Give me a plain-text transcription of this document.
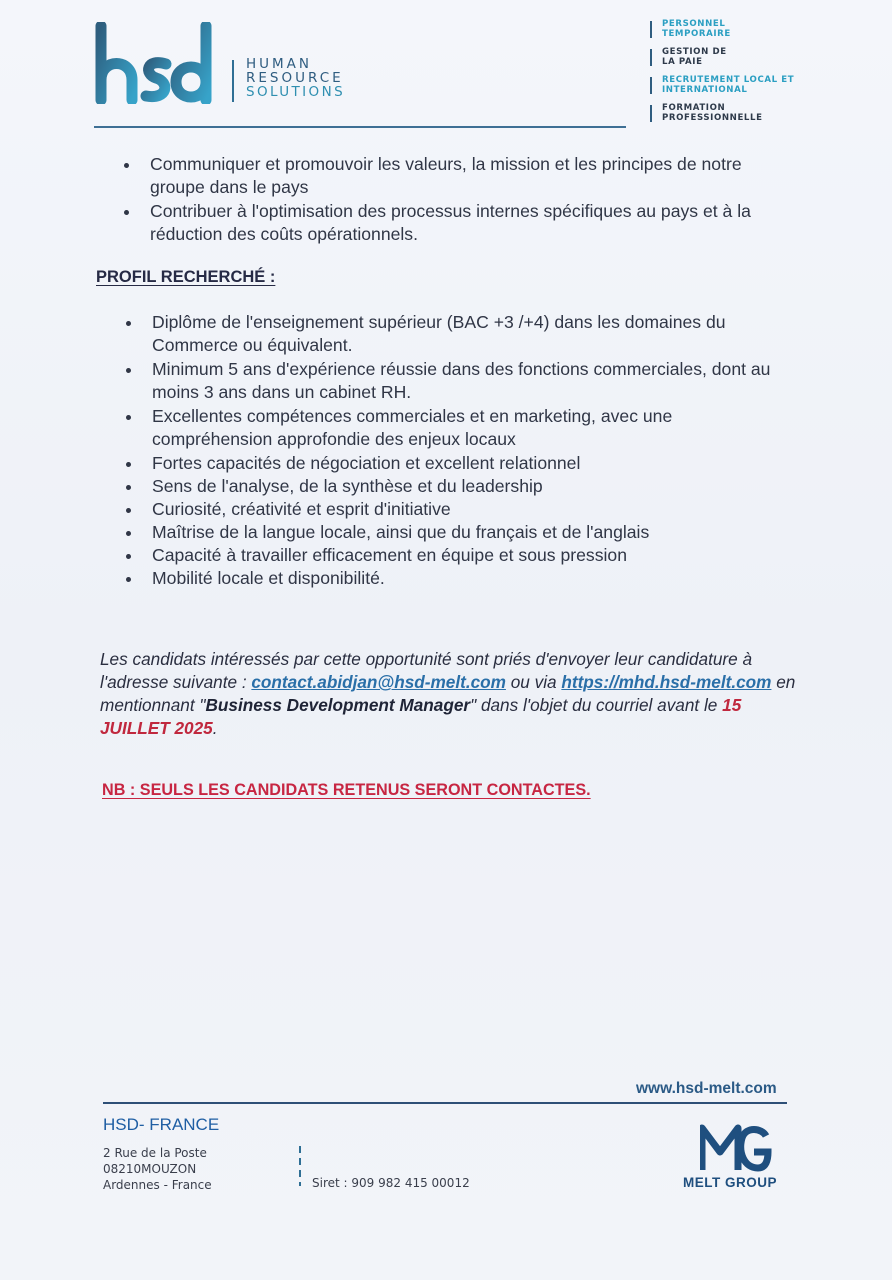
HUMAN
RESOURCE
SOLUTIONS
PERSONNEL TEMPORAIRE
GESTION DE LA PAIE
RECRUTEMENT LOCAL ET INTERNATIONAL
FORMATION PROFESSIONNELLE
Communiquer et promouvoir les valeurs, la mission et les principes de notre groupe dans le pays
Contribuer à l'optimisation des processus internes spécifiques au pays et à la réduction des coûts opérationnels.
PROFIL RECHERCHÉ :
Diplôme de l'enseignement supérieur (BAC +3 /+4) dans les domaines du Commerce ou équivalent.
Minimum 5 ans d'expérience réussie dans des fonctions commerciales, dont au moins 3 ans dans un cabinet RH.
Excellentes compétences commerciales et en marketing, avec une compréhension approfondie des enjeux locaux
Fortes capacités de négociation et excellent relationnel
Sens de l'analyse, de la synthèse et du leadership
Curiosité, créativité et esprit d'initiative
Maîtrise de la langue locale, ainsi que du français et de l'anglais
Capacité à travailler efficacement en équipe et sous pression
Mobilité locale et disponibilité.
Les candidats intéressés par cette opportunité sont priés d'envoyer leur candidature à l'adresse suivante : contact.abidjan@hsd-melt.com ou via https://mhd.hsd-melt.com en mentionnant "Business Development Manager" dans l'objet du courriel avant le 15 JUILLET 2025.
NB : SEULS LES CANDIDATS RETENUS SERONT CONTACTES.
www.hsd-melt.com
HSD- FRANCE
2 Rue de la Poste
08210MOUZON
Ardennes - France	Siret : 909 982 415 00012	MELT GROUP
